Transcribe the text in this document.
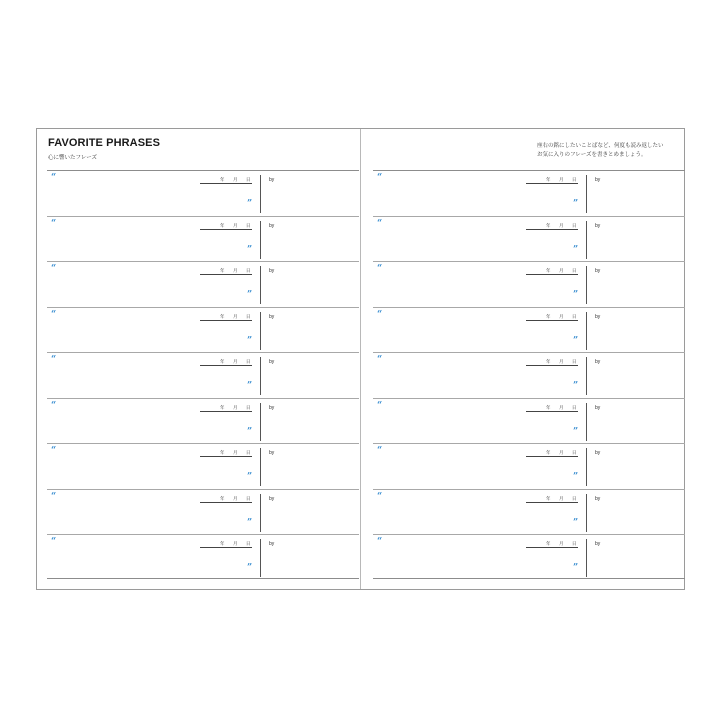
FAVORITE PHRASES

心に響いたフレーズ

“	年 月 日
”
by
“	年 月 日
”
by
“	年 月 日
”
by
“	年 月 日
”
by
“	年 月 日
”
by
“	年 月 日
”
by
“	年 月 日
”
by
“	年 月 日
”
by
“	年 月 日
”
by
座右の銘にしたいことばなど、何度も読み返したい
お気に入りのフレーズを書きとめましょう。
“	年 月 日
”
by
“	年 月 日
”
by
“	年 月 日
”
by
“	年 月 日
”
by
“	年 月 日
”
by
“	年 月 日
”
by
“	年 月 日
”
by
“	年 月 日
”
by
“	年 月 日
”
by
